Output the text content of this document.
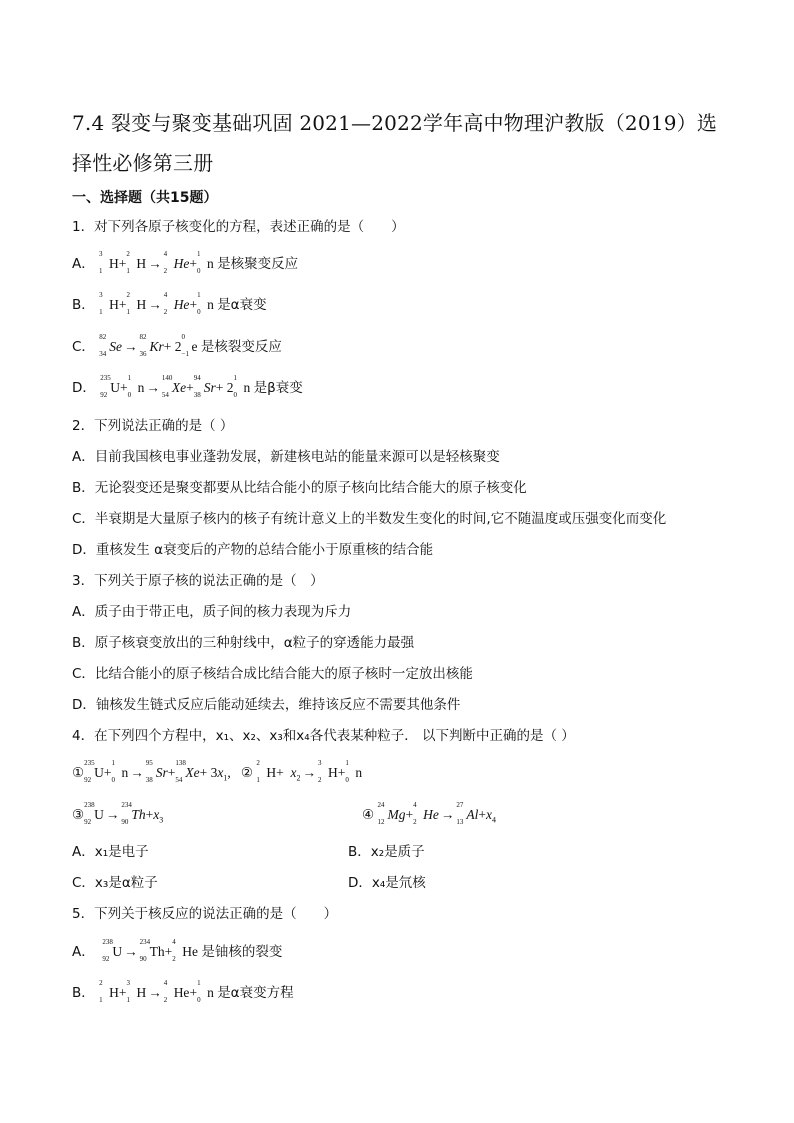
7.4 裂变与聚变基础巩固 2021—2022学年高中物理沪教版（2019）选择性必修第三册
一、选择题（共15题）
1．对下列各原子核变化的方程，表述正确的是（　　）
A．
3
1 H+
2
1 H →
4
2 He+
1
0 n 是核聚变反应
B．
3
1 H+
2
1 H →
4
2 He+
1
0 n 是α衰变
C．
82
34 Se →
82
36 Kr+ 2
0
−1 e 是核裂变反应
D．
235
92 U+
1
0 n →
140
54 Xe+
94
38 Sr+ 2
1
0 n 是β衰变
2．下列说法正确的是（ ）
A．目前我国核电事业蓬勃发展，新建核电站的能量来源可以是轻核聚变
B．无论裂变还是聚变都要从比结合能小的原子核向比结合能大的原子核变化
C．半衰期是大量原子核内的核子有统计意义上的半数发生变化的时间,它不随温度或压强变化而变化
D．重核发生 α衰变后的产物的总结合能小于原重核的结合能
3．下列关于原子核的说法正确的是（　）
A．质子由于带正电，质子间的核力表现为斥力
B．原子核衰变放出的三种射线中，α粒子的穿透能力最强
C．比结合能小的原子核结合成比结合能大的原子核时一定放出核能
D．铀核发生链式反应后能动延续去，维持该反应不需要其他条件
4．在下列四个方程中，x₁、x₂、x₃和x₄各代表某种粒子． 以下判断中正确的是（ ）
①
235
92 U+
1
0 n →
95
38 Sr+
138
54 $Xe+ 3x_1$,   ②
2
1 $H+ x_2$ →
3
2 H+
1
0 n
③
238
92 U →
234
90 $Th+x_3$	④
24
12 Mg+
4
2 He →
27
13 $Al+x_4$
A．x₁是电子	B．x₂是质子
C．x₃是α粒子	D．x₄是氘核
5．下列关于核反应的说法正确的是（　　）
A．
238
92 U →
234
90 Th+
4
2 He 是铀核的裂变
B．
2
1 H+
3
1 H →
4
2 He+
1
0 n 是α衰变方程
